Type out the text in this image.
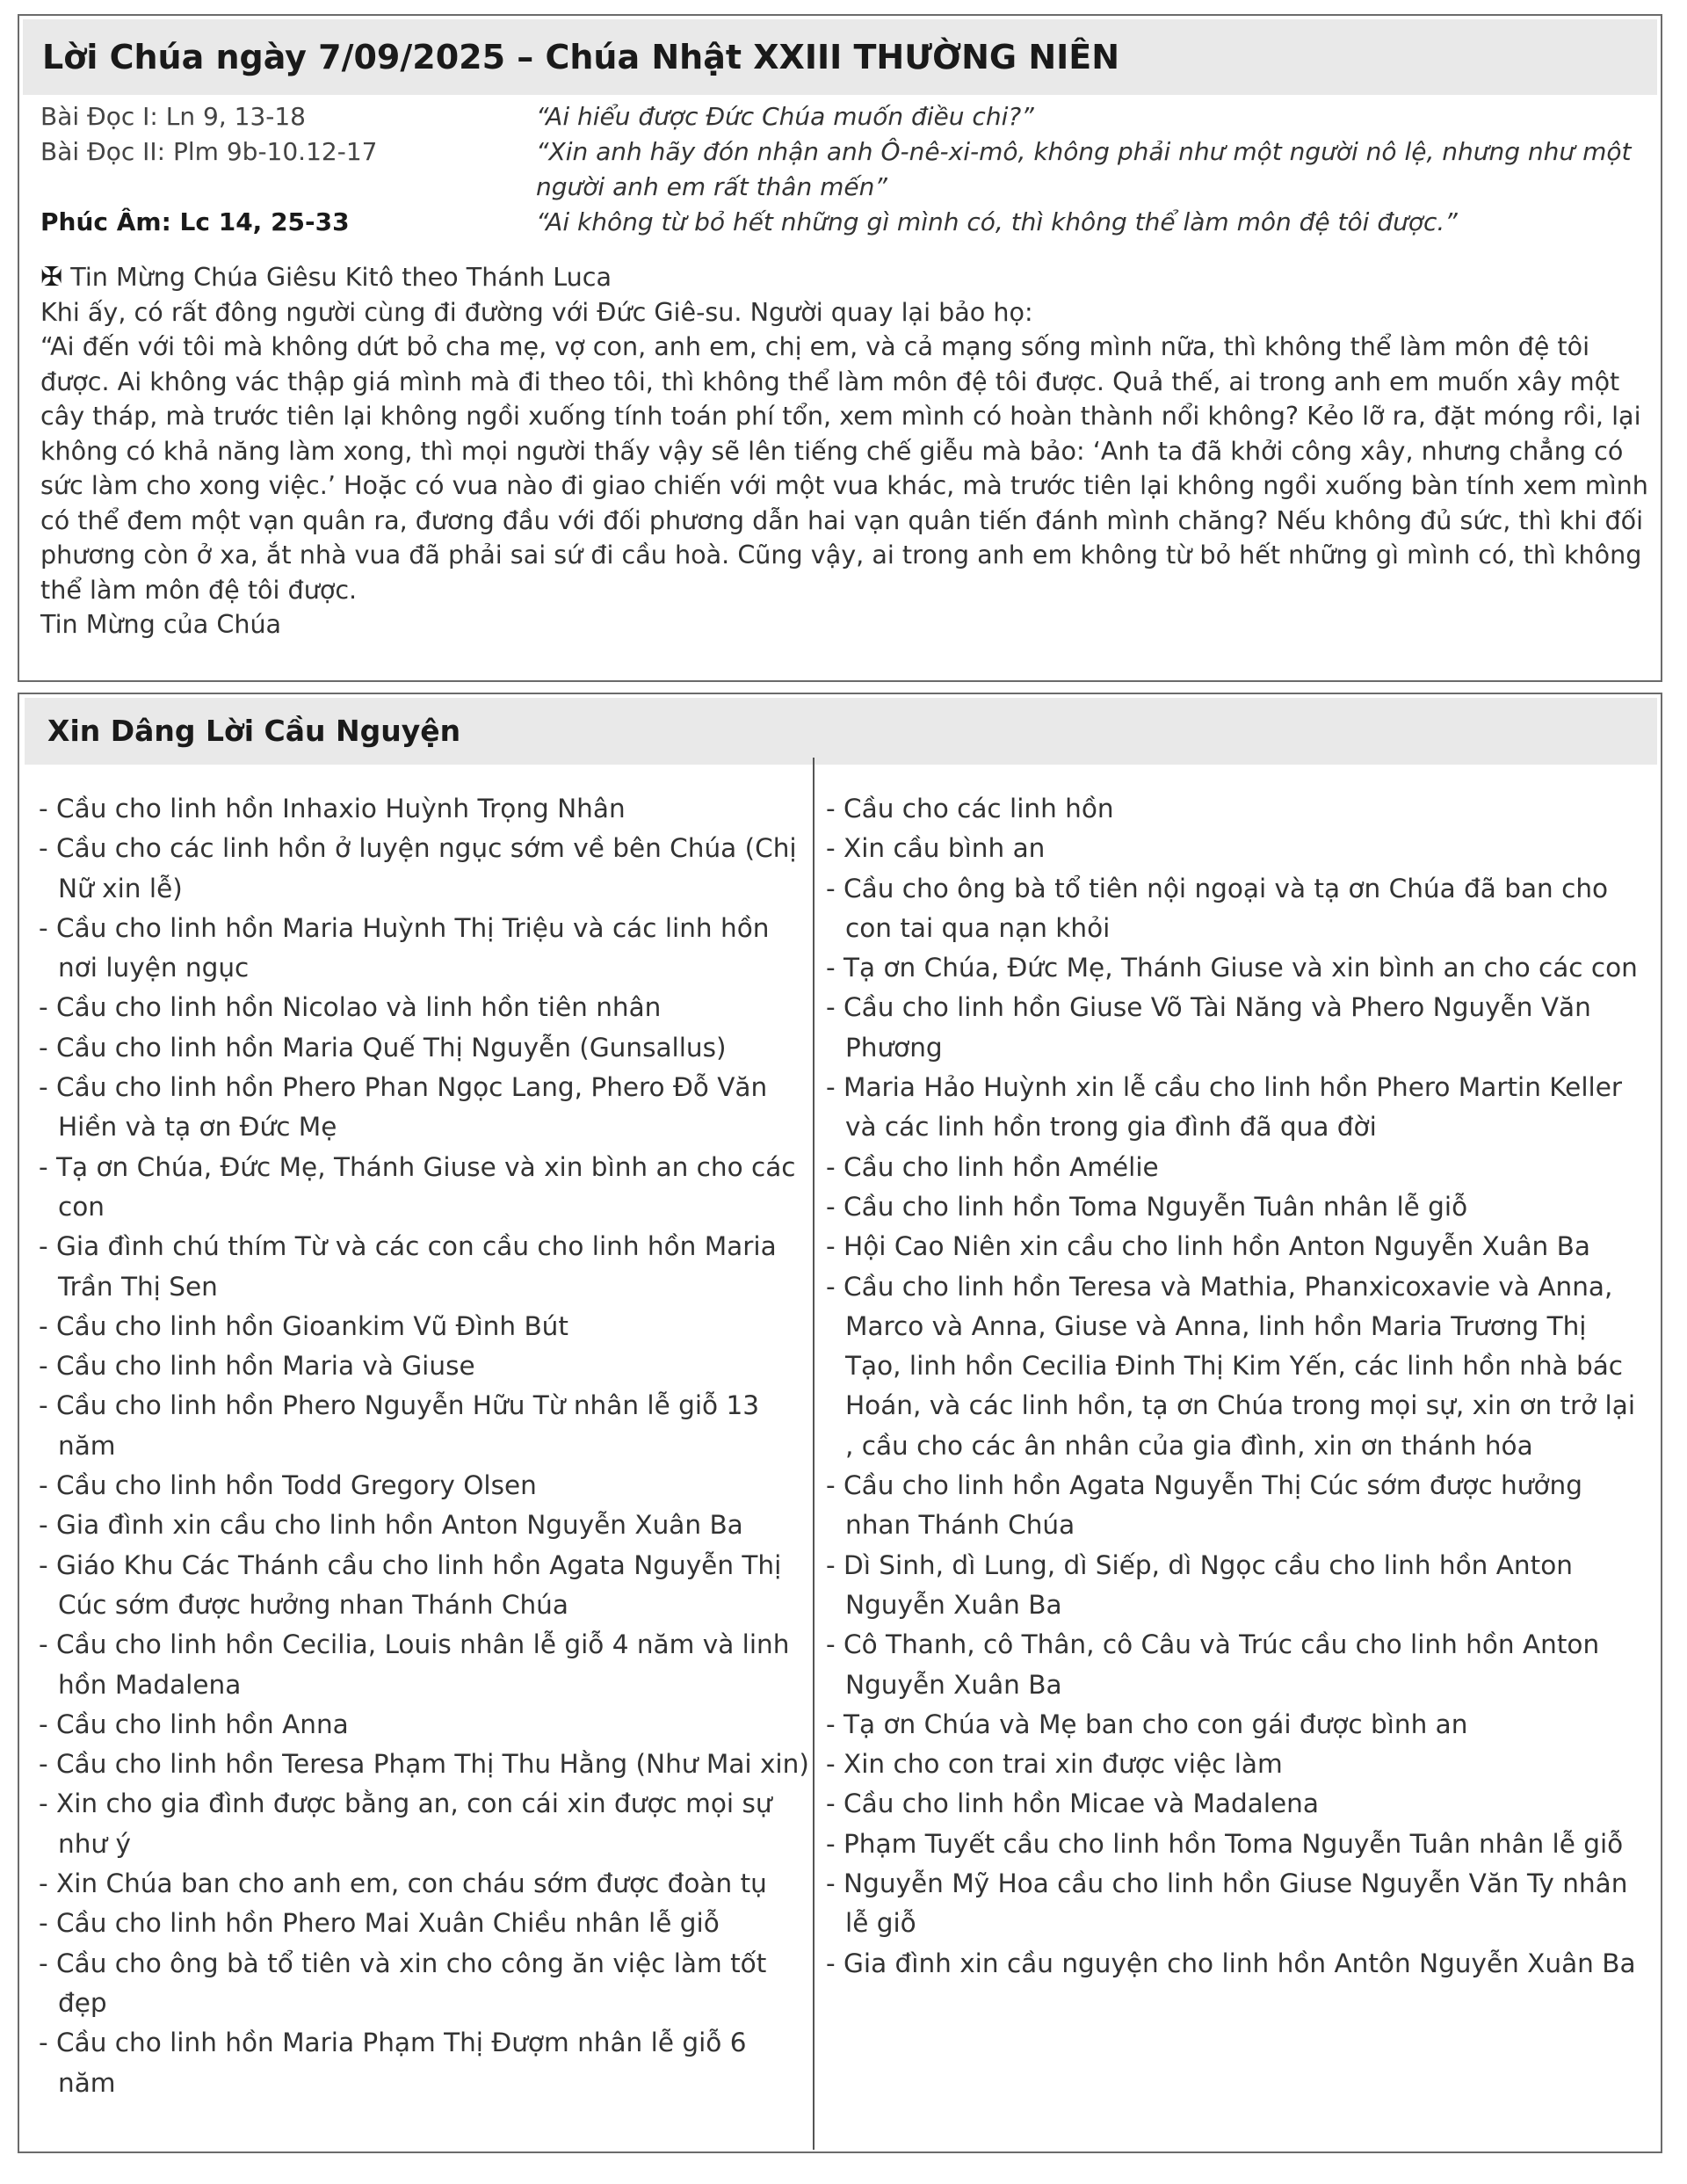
Lời Chúa ngày 7/09/2025 – Chúa Nhật XXIII THƯỜNG NIÊN
Bài Đọc I: Ln 9, 13-18	“Ai hiểu được Đức Chúa muốn điều chi?”
Bài Đọc II: Plm 9b-10.12-17	“Xin anh hãy đón nhận anh Ô-nê-xi-mô, không phải như một người nô lệ, nhưng như một người anh em rất thân mến”
Phúc Âm: Lc 14, 25-33	“Ai không từ bỏ hết những gì mình có, thì không thể làm môn đệ tôi được.”

✠ Tin Mừng Chúa Giêsu Kitô theo Thánh Luca

Khi ấy, có rất đông người cùng đi đường với Đức Giê-su. Người quay lại bảo họ:

“Ai đến với tôi mà không dứt bỏ cha mẹ, vợ con, anh em, chị em, và cả mạng sống mình nữa, thì không thể làm môn đệ tôi được. Ai không vác thập giá mình mà đi theo tôi, thì không thể làm môn đệ tôi được. Quả thế, ai trong anh em muốn xây một cây tháp, mà trước tiên lại không ngồi xuống tính toán phí tổn, xem mình có hoàn thành nổi không? Kẻo lỡ ra, đặt móng rồi, lại không có khả năng làm xong, thì mọi người thấy vậy sẽ lên tiếng chế giễu mà bảo: ‘Anh ta đã khởi công xây, nhưng chẳng có sức làm cho xong việc.’ Hoặc có vua nào đi giao chiến với một vua khác, mà trước tiên lại không ngồi xuống bàn tính xem mình có thể đem một vạn quân ra, đương đầu với đối phương dẫn hai vạn quân tiến đánh mình chăng? Nếu không đủ sức, thì khi đối phương còn ở xa, ắt nhà vua đã phải sai sứ đi cầu hoà. Cũng vậy, ai trong anh em không từ bỏ hết những gì mình có, thì không thể làm môn đệ tôi được.

Tin Mừng của Chúa

Xin Dâng Lời Cầu Nguyện
- Cầu cho linh hồn Inhaxio Huỳnh Trọng Nhân
- Cầu cho các linh hồn ở luyện ngục sớm về bên Chúa (Chị Nữ xin lễ)
- Cầu cho linh hồn Maria Huỳnh Thị Triệu và các linh hồn nơi luyện ngục
- Cầu cho linh hồn Nicolao và linh hồn tiên nhân
- Cầu cho linh hồn Maria Quế Thị Nguyễn (Gunsallus)
- Cầu cho linh hồn Phero Phan Ngọc Lang, Phero Đỗ Văn Hiền và tạ ơn Đức Mẹ
- Tạ ơn Chúa, Đức Mẹ, Thánh Giuse và xin bình an cho các con
- Gia đình chú thím Từ và các con cầu cho linh hồn Maria Trần Thị Sen
- Cầu cho linh hồn Gioankim Vũ Đình Bút
- Cầu cho linh hồn Maria và Giuse
- Cầu cho linh hồn Phero Nguyễn Hữu Từ nhân lễ giỗ 13 năm
- Cầu cho linh hồn Todd Gregory Olsen
- Gia đình xin cầu cho linh hồn Anton Nguyễn Xuân Ba
- Giáo Khu Các Thánh cầu cho linh hồn Agata Nguyễn Thị Cúc sớm được hưởng nhan Thánh Chúa
- Cầu cho linh hồn Cecilia, Louis nhân lễ giỗ 4 năm và linh hồn Madalena
- Cầu cho linh hồn Anna
- Cầu cho linh hồn Teresa Phạm Thị Thu Hằng (Như Mai xin)
- Xin cho gia đình được bằng an, con cái xin được mọi sự như ý
- Xin Chúa ban cho anh em, con cháu sớm được đoàn tụ
- Cầu cho linh hồn Phero Mai Xuân Chiều nhân lễ giỗ
- Cầu cho ông bà tổ tiên và xin cho công ăn việc làm tốt đẹp
- Cầu cho linh hồn Maria Phạm Thị Đượm nhân lễ giỗ 6 năm
- Cầu cho các linh hồn
- Xin cầu bình an
- Cầu cho ông bà tổ tiên nội ngoại và tạ ơn Chúa đã ban cho con tai qua nạn khỏi
- Tạ ơn Chúa, Đức Mẹ, Thánh Giuse và xin bình an cho các con
- Cầu cho linh hồn Giuse Võ Tài Năng và Phero Nguyễn Văn Phương
- Maria Hảo Huỳnh xin lễ cầu cho linh hồn Phero Martin Keller và các linh hồn trong gia đình đã qua đời
- Cầu cho linh hồn Amélie
- Cầu cho linh hồn Toma Nguyễn Tuân nhân lễ giỗ
- Hội Cao Niên xin cầu cho linh hồn Anton Nguyễn Xuân Ba
- Cầu cho linh hồn Teresa và Mathia, Phanxicoxavie và Anna, Marco và Anna, Giuse và Anna, linh hồn Maria Trương Thị Tạo, linh hồn Cecilia Đinh Thị Kim Yến, các linh hồn nhà bác Hoán, và các linh hồn, tạ ơn Chúa trong mọi sự, xin ơn trở lại , cầu cho các ân nhân của gia đình, xin ơn thánh hóa
- Cầu cho linh hồn Agata Nguyễn Thị Cúc sớm được hưởng nhan Thánh Chúa
- Dì Sinh, dì Lung, dì Siếp, dì Ngọc cầu cho linh hồn Anton Nguyễn Xuân Ba
- Cô Thanh, cô Thân, cô Câu và Trúc cầu cho linh hồn Anton Nguyễn Xuân Ba
- Tạ ơn Chúa và Mẹ ban cho con gái được bình an
- Xin cho con trai xin được việc làm
- Cầu cho linh hồn Micae và Madalena
- Phạm Tuyết cầu cho linh hồn Toma Nguyễn Tuân nhân lễ giỗ
- Nguyễn Mỹ Hoa cầu cho linh hồn Giuse Nguyễn Văn Ty nhân lễ giỗ
- Gia đình xin cầu nguyện cho linh hồn Antôn Nguyễn Xuân Ba
